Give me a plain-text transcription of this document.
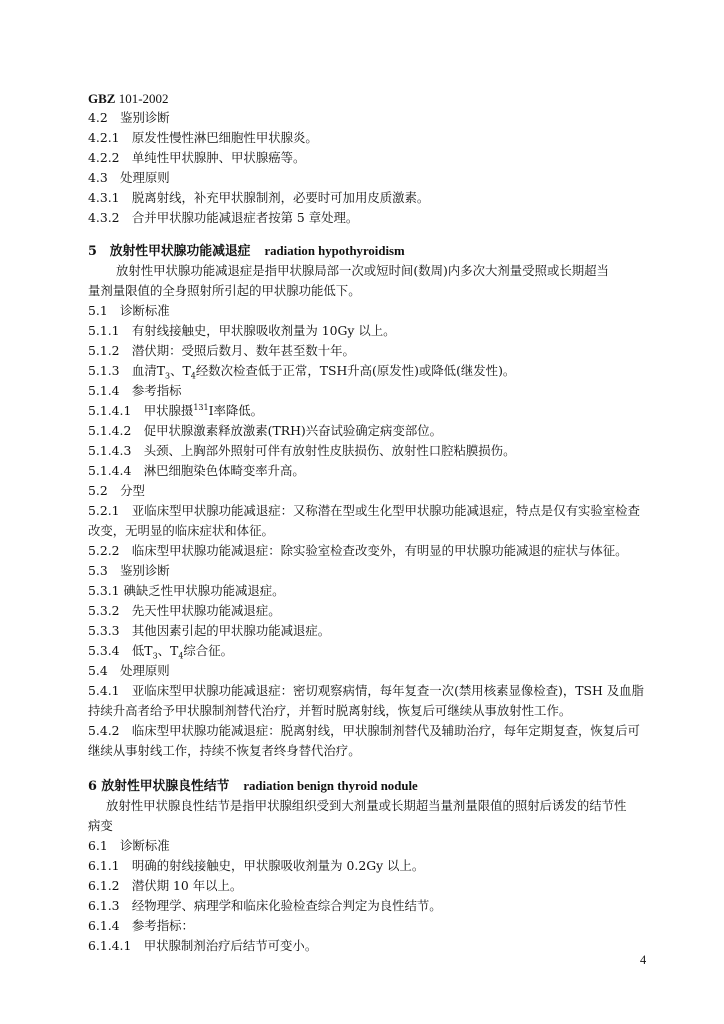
GBZ 101-2002
4.2　鉴别诊断
4.2.1　原发性慢性淋巴细胞性甲状腺炎。
4.2.2　单纯性甲状腺肿、甲状腺癌等。
4.3　处理原则
4.3.1　脱离射线，补充甲状腺制剂，必要时可加用皮质激素。
4.3.2　合并甲状腺功能减退症者按第 5 章处理。
5　放射性甲状腺功能减退症 radiation hypothyroidism
放射性甲状腺功能减退症是指甲状腺局部一次或短时间(数周)内多次大剂量受照或长期超当
量剂量限值的全身照射所引起的甲状腺功能低下。
5.1　诊断标准
5.1.1　有射线接触史，甲状腺吸收剂量为 10Gy 以上。
5.1.2　潜伏期：受照后数月、数年甚至数十年。
5.1.3　血清$T_3$、$T_4$经数次检查低于正常，TSH升高(原发性)或降低(继发性)。
5.1.4　参考指标
5.1.4.1　甲状腺摄$^{131}$I率降低。
5.1.4.2　促甲状腺激素释放激素(TRH)兴奋试验确定病变部位。
5.1.4.3　头颈、上胸部外照射可伴有放射性皮肤损伤、放射性口腔粘膜损伤。
5.1.4.4　淋巴细胞染色体畸变率升高。
5.2　分型
5.2.1　亚临床型甲状腺功能减退症：又称潜在型或生化型甲状腺功能减退症，特点是仅有实验室检查
改变，无明显的临床症状和体征。
5.2.2　临床型甲状腺功能减退症：除实验室检查改变外，有明显的甲状腺功能减退的症状与体征。
5.3　鉴别诊断
5.3.1 碘缺乏性甲状腺功能减退症。
5.3.2　先天性甲状腺功能减退症。
5.3.3　其他因素引起的甲状腺功能减退症。
5.3.4　低$T_3$、$T_4$综合征。
5.4　处理原则
5.4.1　亚临床型甲状腺功能减退症：密切观察病情，每年复查一次(禁用核素显像检查)，TSH 及血脂
持续升高者给予甲状腺制剂替代治疗，并暂时脱离射线，恢复后可继续从事放射性工作。
5.4.2　临床型甲状腺功能减退症：脱离射线，甲状腺制剂替代及辅助治疗，每年定期复查，恢复后可
继续从事射线工作，持续不恢复者终身替代治疗。
6 放射性甲状腺良性结节 radiation benign thyroid nodule
放射性甲状腺良性结节是指甲状腺组织受到大剂量或长期超当量剂量限值的照射后诱发的结节性
病变
6.1　诊断标准
6.1.1　明确的射线接触史，甲状腺吸收剂量为 0.2Gy 以上。
6.1.2　潜伏期 10 年以上。
6.1.3　经物理学、病理学和临床化验检查综合判定为良性结节。
6.1.4　参考指标：
6.1.4.1　甲状腺制剂治疗后结节可变小。
4
